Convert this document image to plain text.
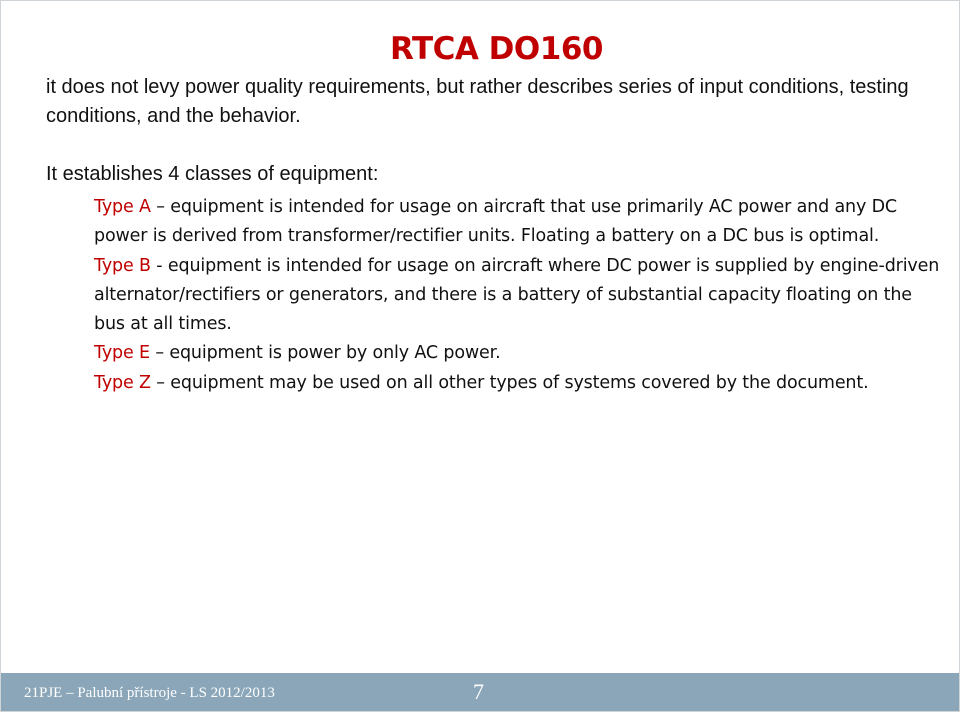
RTCA DO160
it does not levy power quality requirements, but rather describes series of input conditions, testing conditions, and the behavior.
It establishes 4 classes of equipment:

Type A – equipment is intended for usage on aircraft that use primarily AC power and any DC power is derived from transformer/rectifier units. Floating a battery on a DC bus is optimal.

Type B - equipment is intended for usage on aircraft where DC power is supplied by engine-driven alternator/rectifiers or generators, and there is a battery of substantial capacity floating on the bus at all times.

Type E – equipment is power by only AC power.

Type Z – equipment may be used on all other types of systems covered by the document.

21PJE – Palubní přístroje - LS 2012/2013	7
